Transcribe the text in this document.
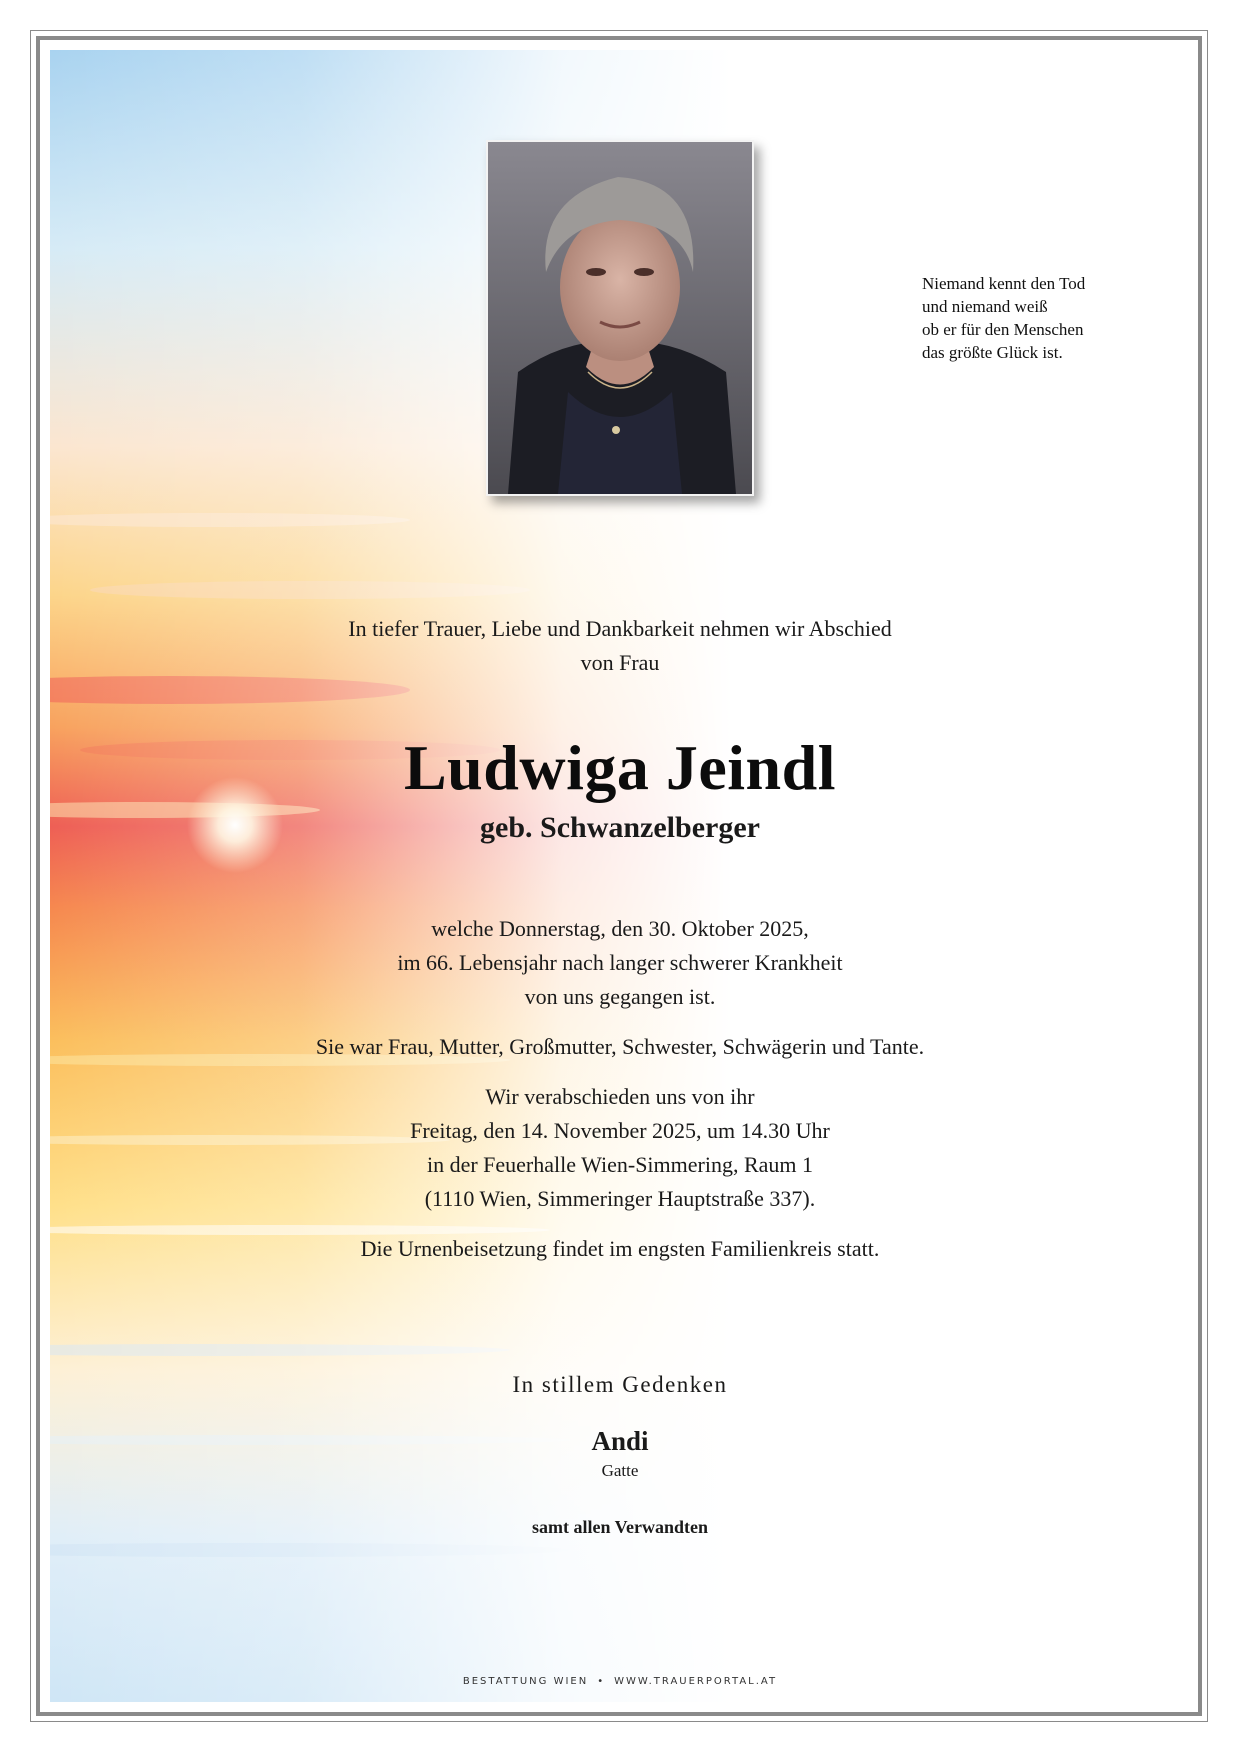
Niemand kennt den Tod
und niemand weiß
ob er für den Menschen
das größte Glück ist.
In tiefer Trauer, Liebe und Dankbarkeit nehmen wir Abschied
von Frau
Ludwiga Jeindl
geb. Schwanzelberger
welche Donnerstag, den 30. Oktober 2025,
im 66. Lebensjahr nach langer schwerer Krankheit
von uns gegangen ist.
Sie war Frau, Mutter, Großmutter, Schwester, Schwägerin und Tante.
Wir verabschieden uns von ihr
Freitag, den 14. November 2025, um 14.30 Uhr
in der Feuerhalle Wien-Simmering, Raum 1
(1110 Wien, Simmeringer Hauptstraße 337).
Die Urnenbeisetzung findet im engsten Familienkreis statt.
In stillem Gedenken
Andi
Gatte
samt allen Verwandten
BESTATTUNG WIEN • WWW.TRAUERPORTAL.AT
